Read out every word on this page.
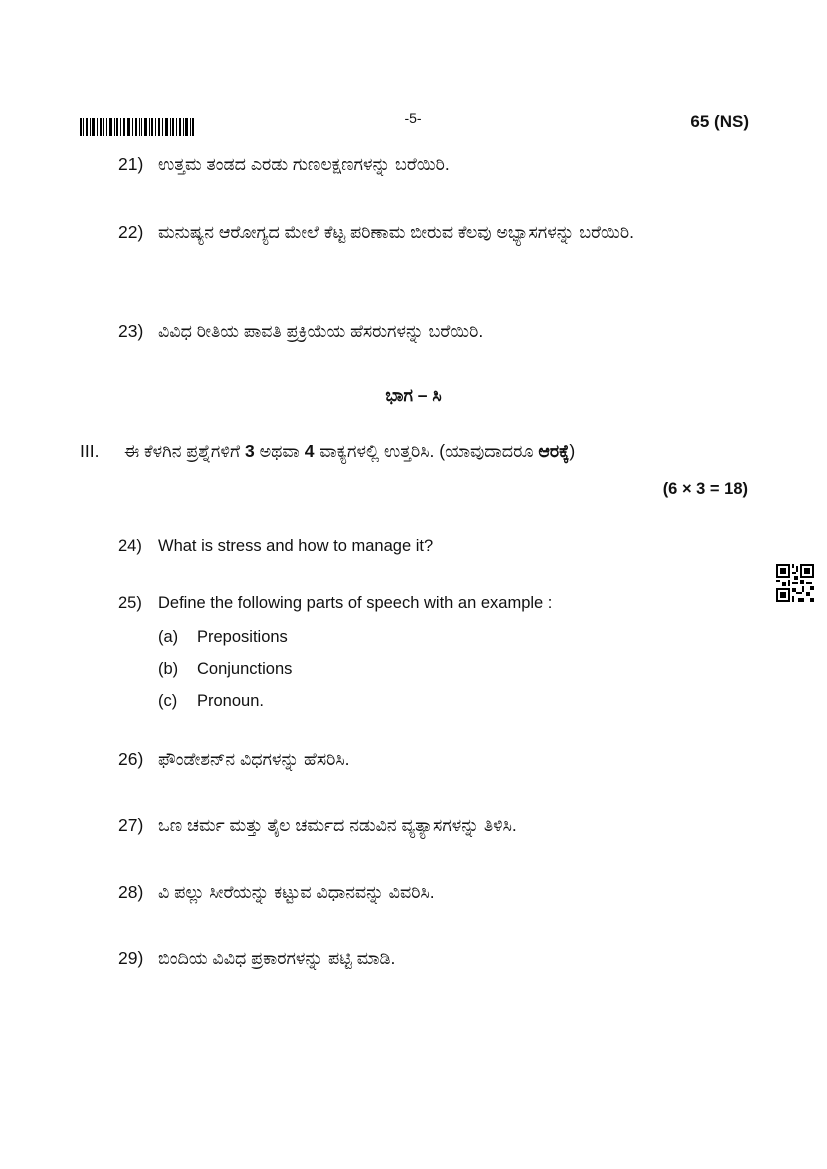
-5-	65 (NS)
21) ಉತ್ತಮ ತಂಡದ ಎರಡು ಗುಣಲಕ್ಷಣಗಳನ್ನು ಬರೆಯಿರಿ.
22) ಮನುಷ್ಯನ ಆರೋಗ್ಯದ ಮೇಲೆ ಕೆಟ್ಟ ಪರಿಣಾಮ ಬೀರುವ ಕೆಲವು ಅಭ್ಯಾಸಗಳನ್ನು ಬರೆಯಿರಿ.
23) ವಿವಿಧ ರೀತಿಯ ಪಾವತಿ ಪ್ರಕ್ರಿಯೆಯ ಹೆಸರುಗಳನ್ನು ಬರೆಯಿರಿ.
ಭಾಗ – ಸಿ
III. ಈ ಕೆಳಗಿನ ಪ್ರಶ್ನೆಗಳಿಗೆ 3 ಅಥವಾ 4 ವಾಕ್ಯಗಳಲ್ಲಿ ಉತ್ತರಿಸಿ. (ಯಾವುದಾದರೂ ಆರಕ್ಕೆ)
(6 × 3 = 18)
24) What is stress and how to manage it?
25) Define the following parts of speech with an example :
(a) Prepositions
(b) Conjunctions
(c) Pronoun.
26) ಫೌಂಡೇಶನ್‌ನ ವಿಧಗಳನ್ನು ಹೆಸರಿಸಿ.
27) ಒಣ ಚರ್ಮ ಮತ್ತು ತೈಲ ಚರ್ಮದ ನಡುವಿನ ವ್ಯತ್ಯಾಸಗಳನ್ನು ತಿಳಿಸಿ.
28) ವಿ ಪಲ್ಲು ಸೀರೆಯನ್ನು ಕಟ್ಟುವ ವಿಧಾನವನ್ನು ವಿವರಿಸಿ.
29) ಬಿಂದಿಯ ವಿವಿಧ ಪ್ರಕಾರಗಳನ್ನು ಪಟ್ಟಿ ಮಾಡಿ.
